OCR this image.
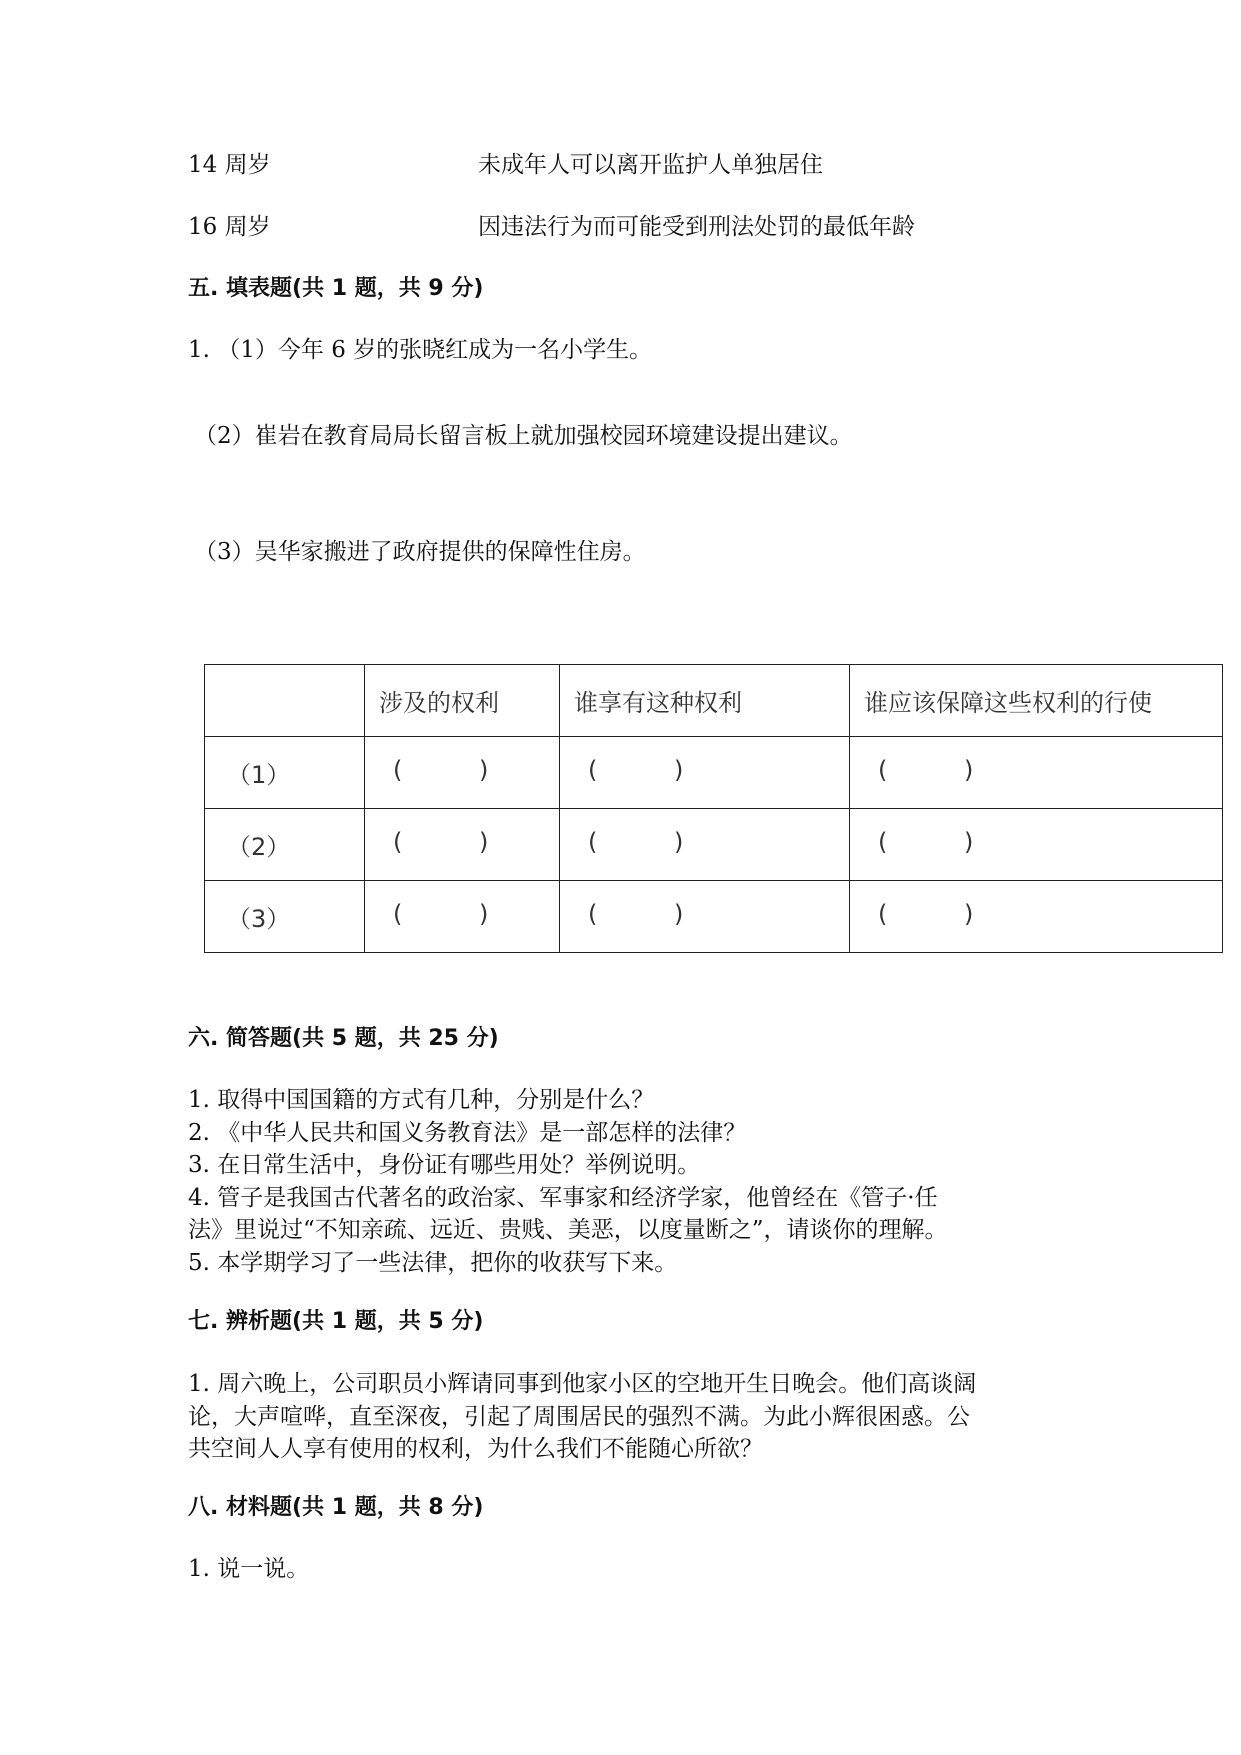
14 周岁	未成年人可以离开监护人单独居住
16 周岁	因违法行为而可能受到刑法处罚的最低年龄
五. 填表题(共 1 题，共 9 分)
1. （1）今年 6 岁的张晓红成为一名小学生。
（2）崔岩在教育局局长留言板上就加强校园环境建设提出建议。
（3）吴华家搬进了政府提供的保障性住房。
	涉及的权利	谁享有这种权利	谁应该保障这些权利的行使
（1）	( )	( )	( )

（2）	( )	( )	( )

（3）	( )	( )	( )
六. 简答题(共 5 题，共 25 分)
1. 取得中国国籍的方式有几种，分别是什么？
2. 《中华人民共和国义务教育法》是一部怎样的法律？
3. 在日常生活中，身份证有哪些用处？举例说明。
4. 管子是我国古代著名的政治家、军事家和经济学家，他曾经在《管子·任
法》里说过“不知亲疏、远近、贵贱、美恶，以度量断之”，请谈你的理解。
5. 本学期学习了一些法律，把你的收获写下来。
七. 辨析题(共 1 题，共 5 分)
1. 周六晚上，公司职员小辉请同事到他家小区的空地开生日晚会。他们高谈阔
论，大声喧哗，直至深夜，引起了周围居民的强烈不满。为此小辉很困惑。公
共空间人人享有使用的权利，为什么我们不能随心所欲？
八. 材料题(共 1 题，共 8 分)
1. 说一说。
